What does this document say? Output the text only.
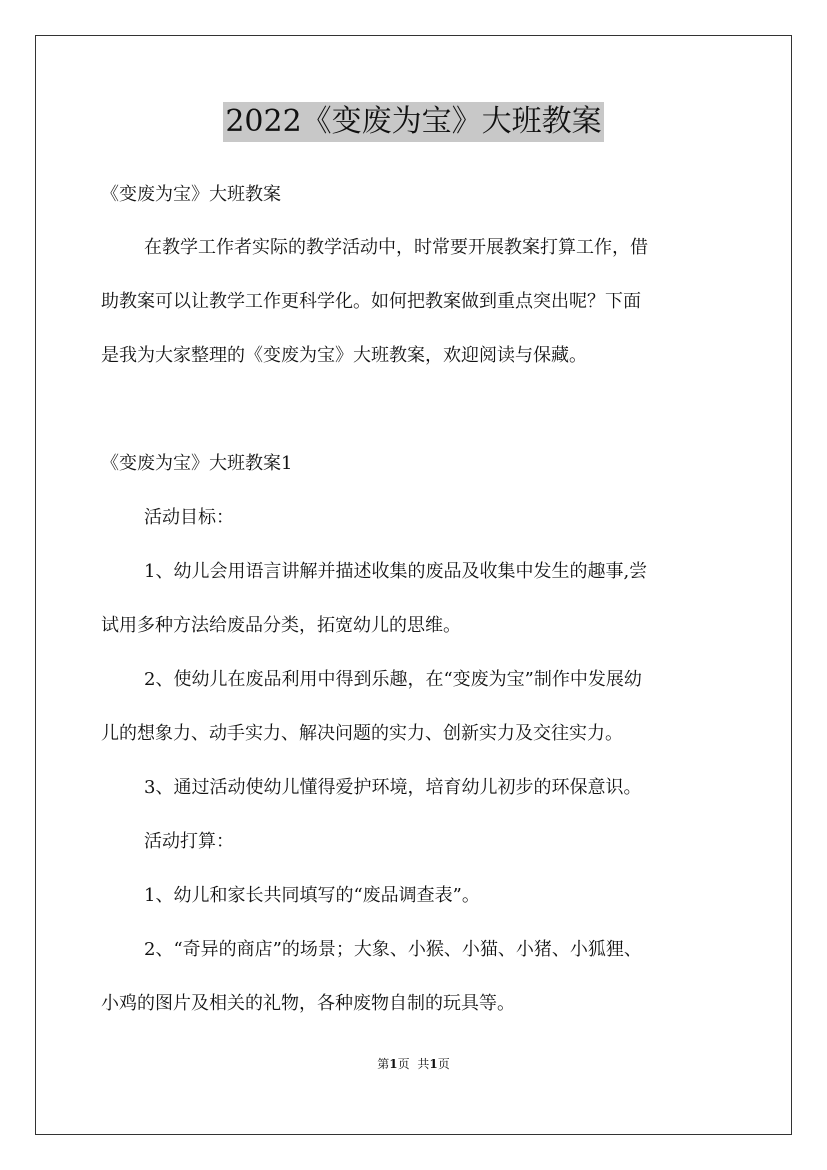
2022《变废为宝》大班教案
《变废为宝》大班教案
在教学工作者实际的教学活动中，时常要开展教案打算工作，借
助教案可以让教学工作更科学化。如何把教案做到重点突出呢？下面
是我为大家整理的《变废为宝》大班教案，欢迎阅读与保藏。
《变废为宝》大班教案1
活动目标：
1、幼儿会用语言讲解并描述收集的废品及收集中发生的趣事,尝
试用多种方法给废品分类，拓宽幼儿的思维。
2、使幼儿在废品利用中得到乐趣，在“变废为宝”制作中发展幼
儿的想象力、动手实力、解决问题的实力、创新实力及交往实力。
3、通过活动使幼儿懂得爱护环境，培育幼儿初步的环保意识。
活动打算：
1、幼儿和家长共同填写的“废品调查表”。
2、“奇异的商店”的场景；大象、小猴、小猫、小猪、小狐狸、
小鸡的图片及相关的礼物，各种废物自制的玩具等。
第1页 共1页
